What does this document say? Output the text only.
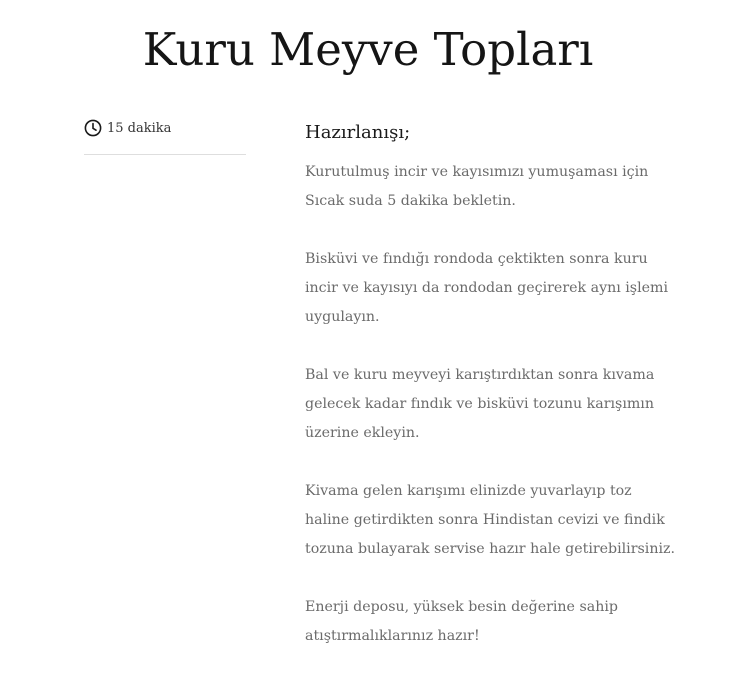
Kuru Meyve Topları
15 dakika	Hazırlanışı;

Kurutulmuş incir ve kayısımızı yumuşaması için Sıcak suda 5 dakika bekletin.

Bisküvi ve fındığı rondoda çektikten sonra kuru incir ve kayısıyı da rondodan geçirerek aynı işlemi uygulayın.

Bal ve kuru meyveyi karıştırdıktan sonra kıvama gelecek kadar fındık ve bisküvi tozunu karışımın üzerine ekleyin.

Kivama gelen karışımı elinizde yuvarlayıp toz haline getirdikten sonra Hindistan cevizi ve findik tozuna bulayarak servise hazır hale getirebilirsiniz.

Enerji deposu, yüksek besin değerine sahip atıştırmalıklarınız hazır!
